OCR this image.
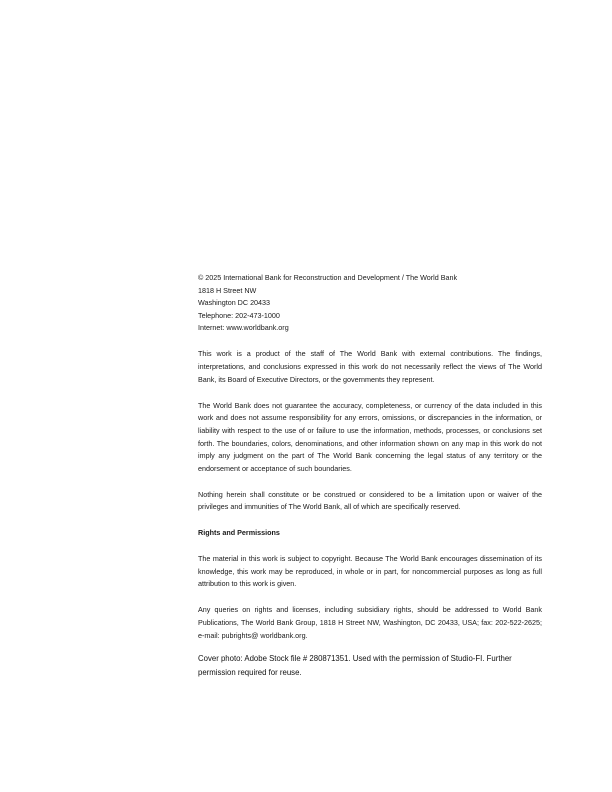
© 2025 International Bank for Reconstruction and Development / The World Bank
1818 H Street NW
Washington DC 20433
Telephone: 202-473-1000
Internet: www.worldbank.org

This work is a product of the staff of The World Bank with external contributions. The findings, interpretations, and conclusions expressed in this work do not necessarily reflect the views of The World Bank, its Board of Executive Directors, or the governments they represent.

The World Bank does not guarantee the accuracy, completeness, or currency of the data included in this work and does not assume responsibility for any errors, omissions, or discrepancies in the information, or liability with respect to the use of or failure to use the information, methods, processes, or conclusions set forth. The boundaries, colors, denominations, and other information shown on any map in this work do not imply any judgment on the part of The World Bank concerning the legal status of any territory or the endorsement or acceptance of such boundaries.

Nothing herein shall constitute or be construed or considered to be a limitation upon or waiver of the privileges and immunities of The World Bank, all of which are specifically reserved.

Rights and Permissions

The material in this work is subject to copyright. Because The World Bank encourages dissemination of its knowledge, this work may be reproduced, in whole or in part, for noncommercial purposes as long as full attribution to this work is given.

Any queries on rights and licenses, including subsidiary rights, should be addressed to World Bank Publications, The World Bank Group, 1818 H Street NW, Washington, DC 20433, USA; fax: 202-522-2625; e-mail: pubrights@ worldbank.org.

Cover photo: Adobe Stock file # 280871351. Used with the permission of Studio-FI. Further permission required for reuse.
